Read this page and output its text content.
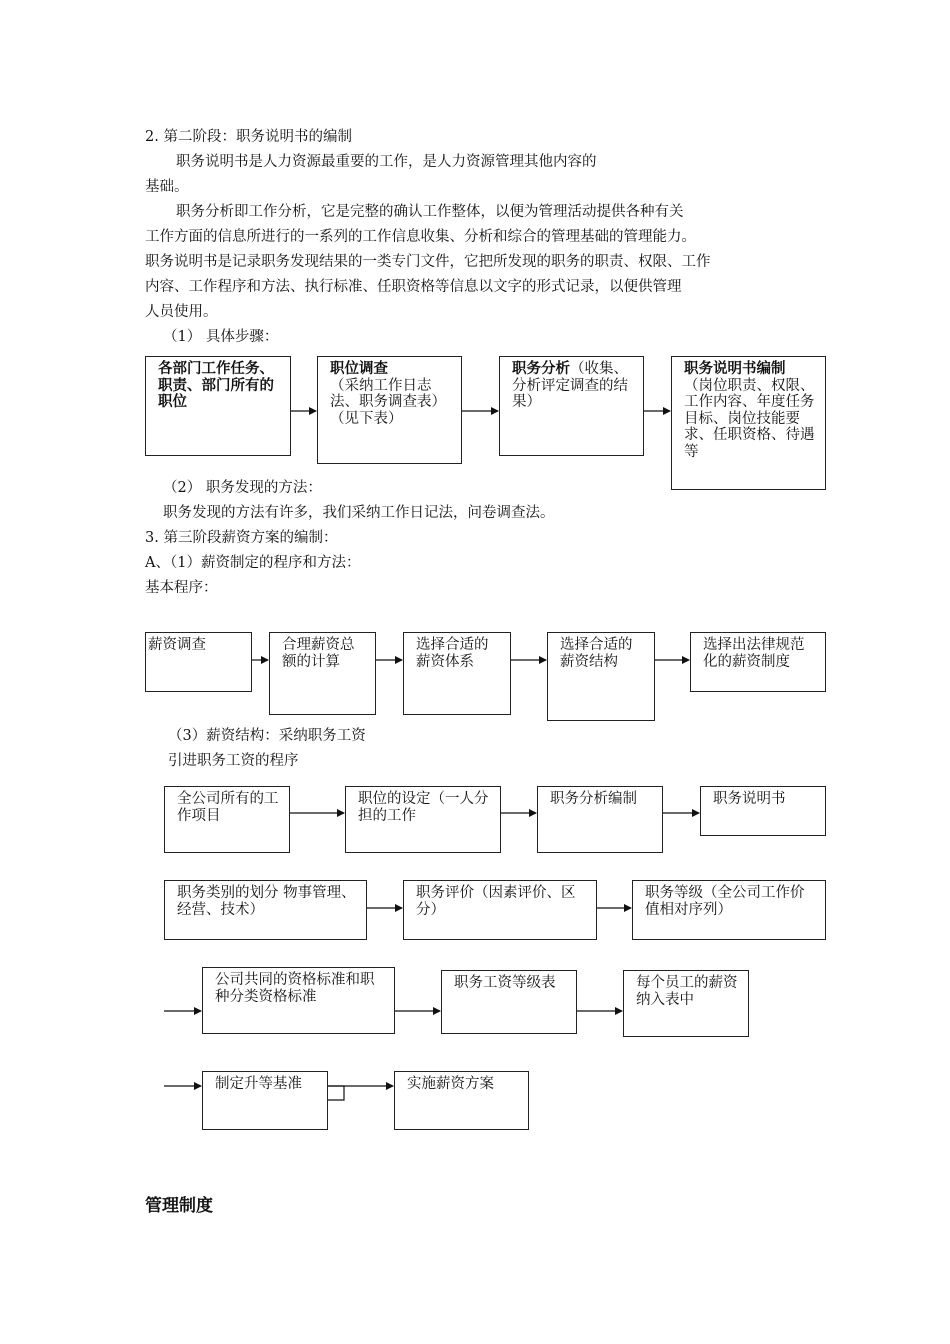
2. 第二阶段：职务说明书的编制
职务说明书是人力资源最重要的工作，是人力资源管理其他内容的
基础。
职务分析即工作分析，它是完整的确认工作整体，以便为管理活动提供各种有关
工作方面的信息所进行的一系列的工作信息收集、分析和综合的管理基础的管理能力。
职务说明书是记录职务发现结果的一类专门文件，它把所发现的职务的职责、权限、工作
内容、工作程序和方法、执行标准、任职资格等信息以文字的形式记录，以便供管理
人员使用。
（1） 具体步骤：
各部门工作任务、职责、部门所有的职位
职位调查
（采纳工作日志法、职务调查表）（见下表）
职务分析（收集、分析评定调查的结果）
职务说明书编制
（岗位职责、权限、工作内容、年度任务目标、岗位技能要求、任职资格、待遇等
（2） 职务发现的方法：
职务发现的方法有许多，我们采纳工作日记法，问卷调查法。
3. 第三阶段薪资方案的编制：
A、（1）薪资制定的程序和方法：
基本程序：
薪资调查	合理薪资总额的计算
选择合适的薪资体系
选择合适的薪资结构
选择出法律规范化的薪资制度
（3）薪资结构：采纳职务工资
引进职务工资的程序
全公司所有的工作项目
职位的设定（一人分担的工作
职务分析编制	职务说明书
职务类别的划分 物事管理、经营、技术）
职务评价（因素评价、区分）
职务等级（全公司工作价值相对序列）
公司共同的资格标准和职种分类资格标准
职务工资等级表	每个员工的薪资纳入表中
制定升等基准	实施薪资方案
管理制度
